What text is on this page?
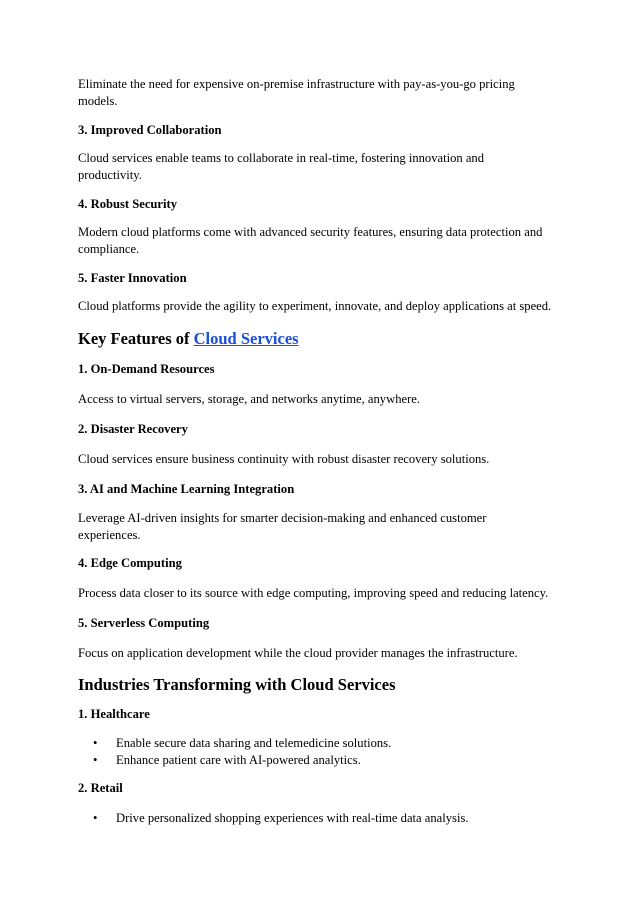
Eliminate the need for expensive on-premise infrastructure with pay-as-you-go pricing models.

3. Improved Collaboration

Cloud services enable teams to collaborate in real-time, fostering innovation and productivity.

4. Robust Security

Modern cloud platforms come with advanced security features, ensuring data protection and compliance.

5. Faster Innovation

Cloud platforms provide the agility to experiment, innovate, and deploy applications at speed.

Key Features of Cloud Services
1. On-Demand Resources

Access to virtual servers, storage, and networks anytime, anywhere.

2. Disaster Recovery

Cloud services ensure business continuity with robust disaster recovery solutions.

3. AI and Machine Learning Integration

Leverage AI-driven insights for smarter decision-making and enhanced customer experiences.

4. Edge Computing

Process data closer to its source with edge computing, improving speed and reducing latency.

5. Serverless Computing

Focus on application development while the cloud provider manages the infrastructure.

Industries Transforming with Cloud Services
1. Healthcare
• Enable secure data sharing and telemedicine solutions.
• Enhance patient care with AI-powered analytics.
2. Retail
• Drive personalized shopping experiences with real-time data analysis.
